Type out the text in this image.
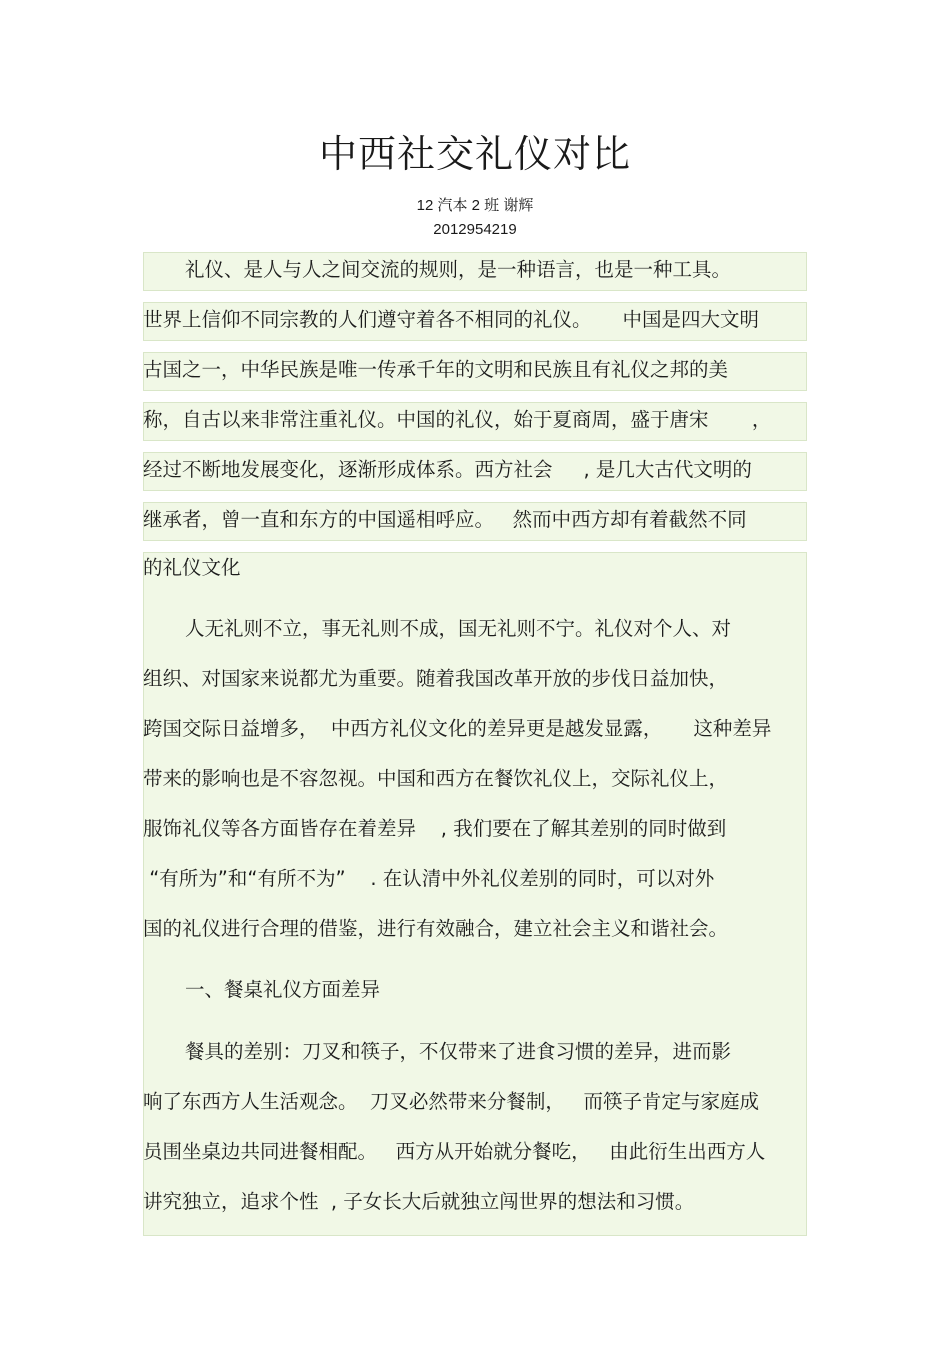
中西社交礼仪对比
12 汽本 2 班 谢辉
2012954219
礼仪、是人与人之间交流的规则，是一种语言，也是一种工具。
世界上信仰不同宗教的人们遵守着各不相同的礼仪。     中国是四大文明
古国之一，中华民族是唯一传承千年的文明和民族且有礼仪之邦的美
称，自古以来非常注重礼仪。中国的礼仪，始于夏商周，盛于唐宋       ，
经过不断地发展变化，逐渐形成体系。西方社会     , 是几大古代文明的
继承者，曾一直和东方的中国遥相呼应。   然而中西方却有着截然不同
的礼仪文化
人无礼则不立，事无礼则不成，国无礼则不宁。礼仪对个人、对
组织、对国家来说都尤为重要。随着我国改革开放的步伐日益加快，
跨国交际日益增多，  中西方礼仪文化的差异更是越发显露，     这种差异
带来的影响也是不容忽视。中国和西方在餐饮礼仪上，交际礼仪上，
服饰礼仪等各方面皆存在着差异    , 我们要在了解其差别的同时做到
“有所为”和“有所不为”    . 在认清中外礼仪差别的同时，可以对外
国的礼仪进行合理的借鉴，进行有效融合，建立社会主义和谐社会。
一、餐桌礼仪方面差异
餐具的差别：刀叉和筷子，不仅带来了进食习惯的差异，进而影
响了东西方人生活观念。  刀叉必然带来分餐制，   而筷子肯定与家庭成
员围坐桌边共同进餐相配。   西方从开始就分餐吃，   由此衍生出西方人
讲究独立，追求个性  , 子女长大后就独立闯世界的想法和习惯。
